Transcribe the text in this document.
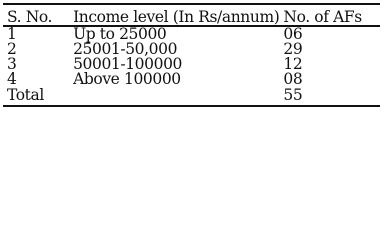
S. No.	Income level (In Rs/annum)	No. of AFs
1	Up to 25000	06
2	25001-50,000	29
3	50001-100000	12
4	Above 100000	08
Total		55
